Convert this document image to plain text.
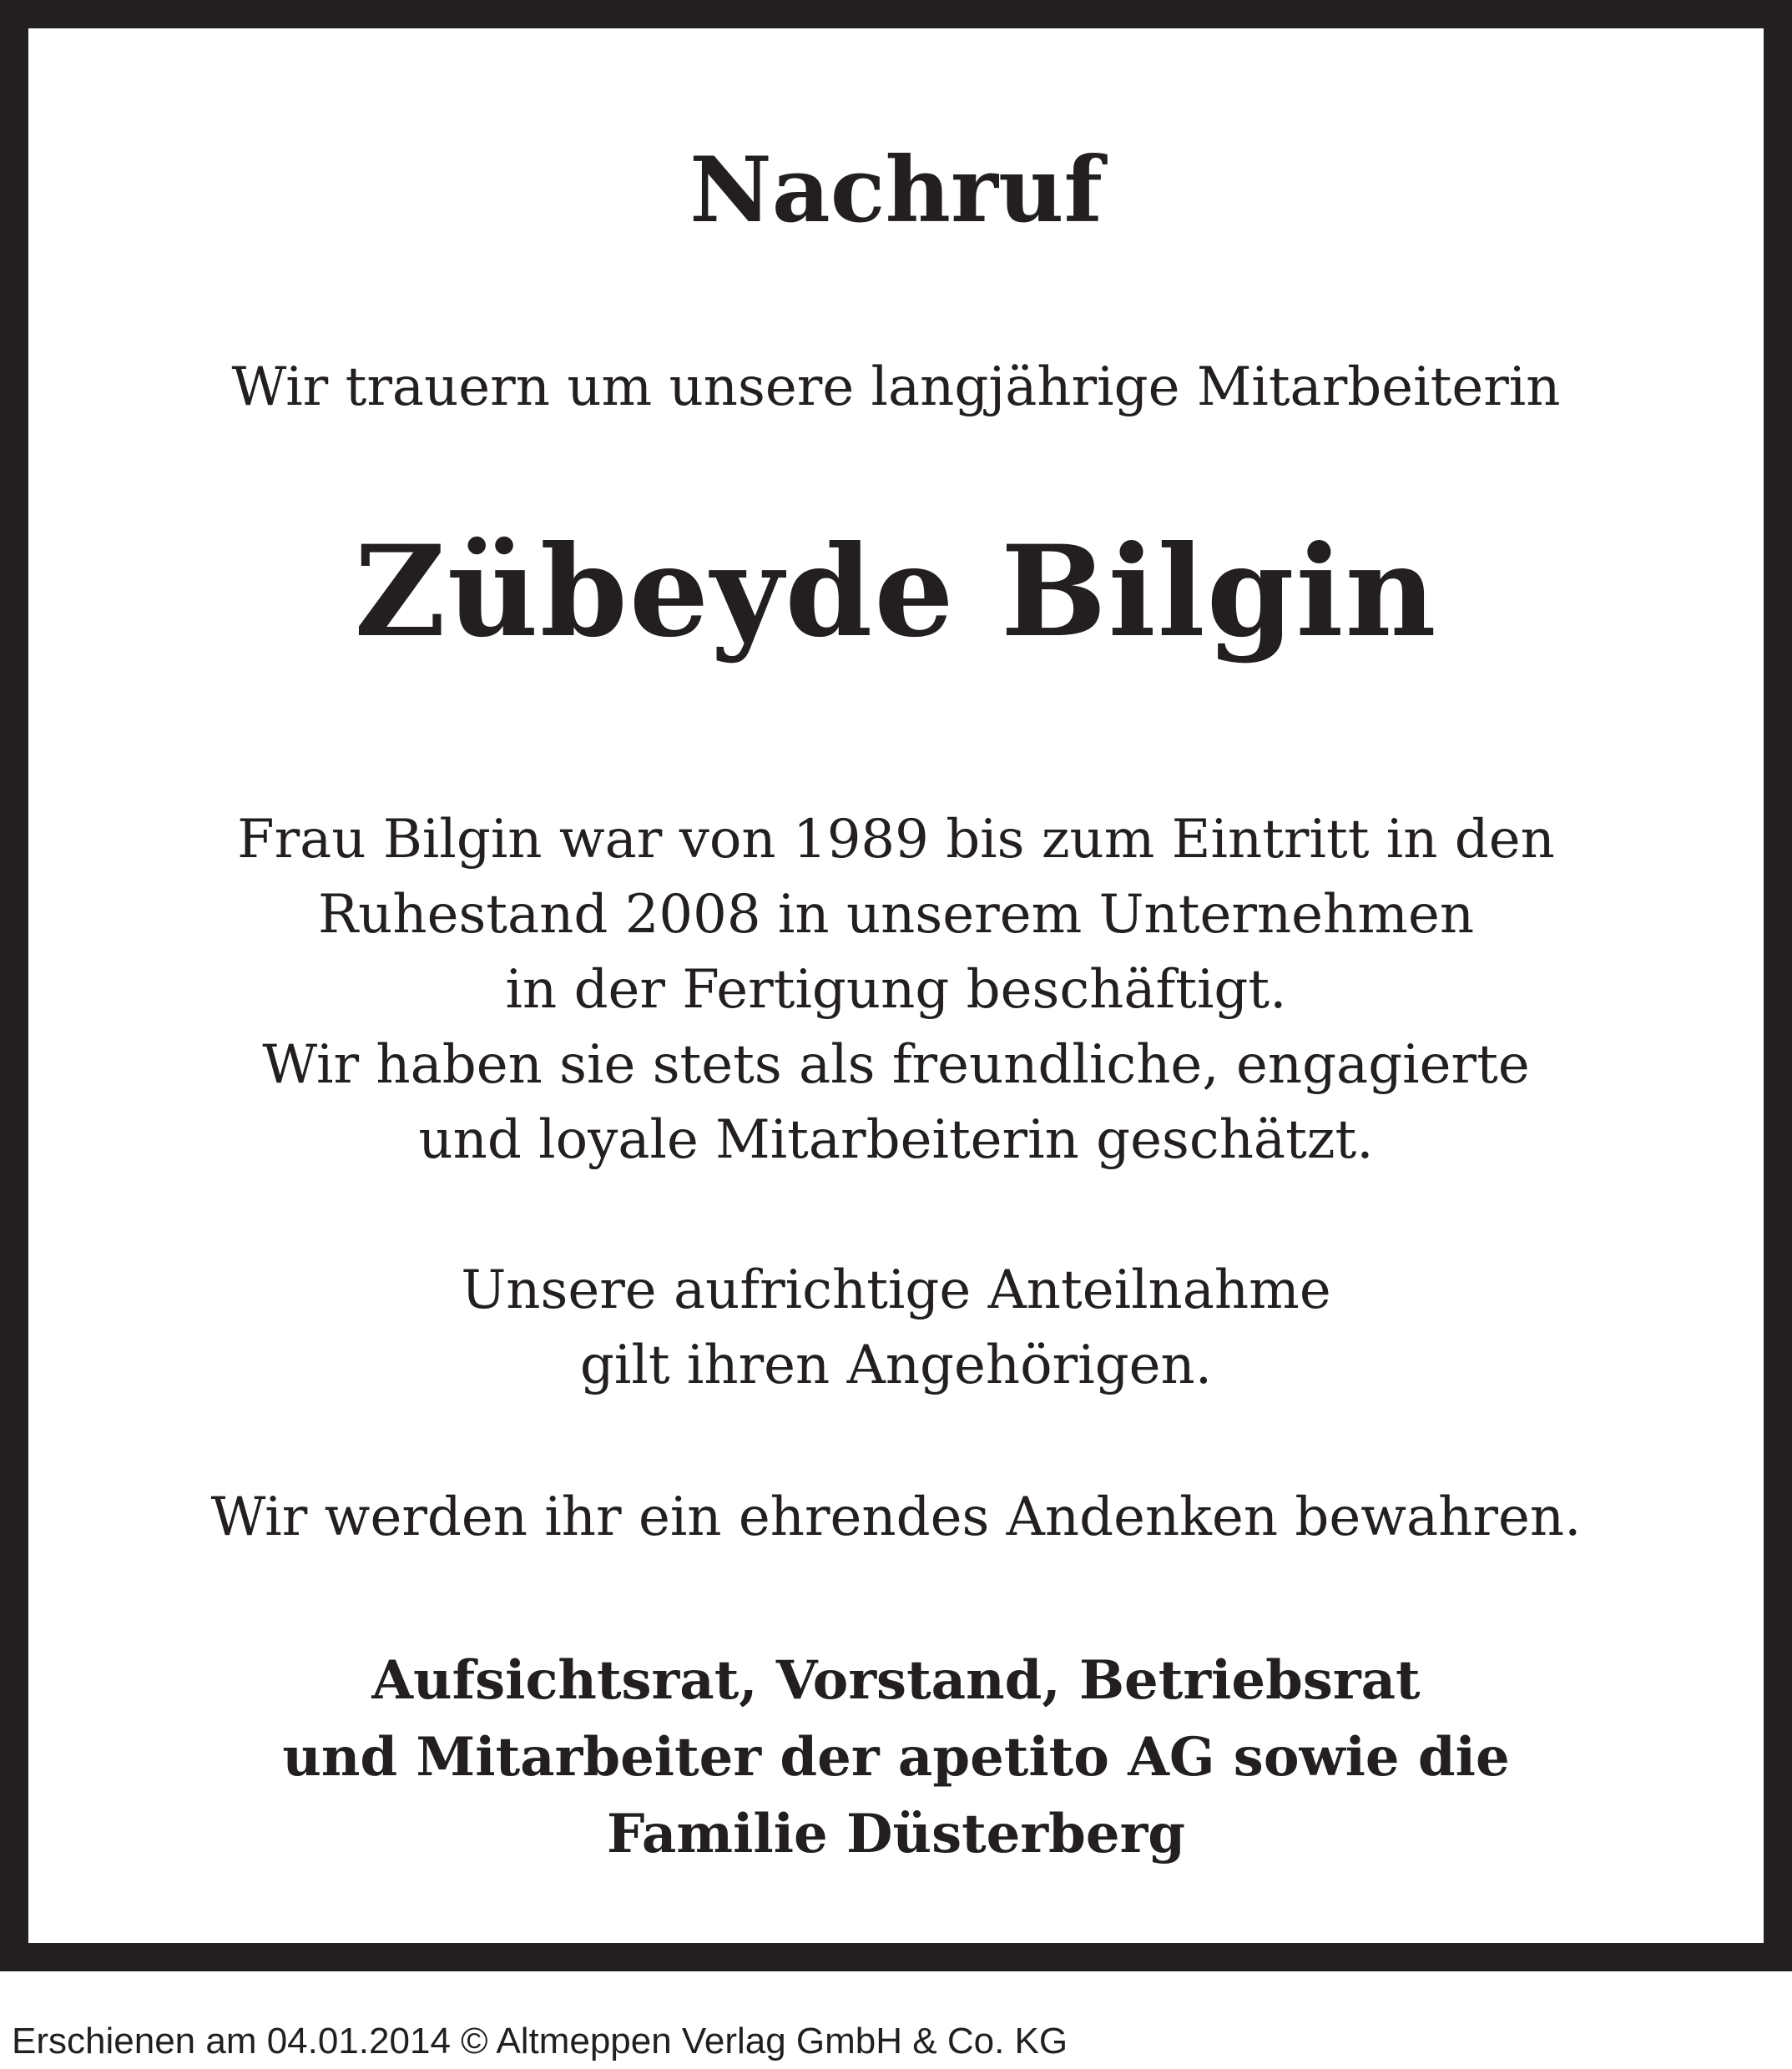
Nachruf

Wir trauern um unsere langjährige Mitarbeiterin

Zübeyde Bilgin

Frau Bilgin war von 1989 bis zum Eintritt in den

Ruhestand 2008 in unserem Unternehmen

in der Fertigung beschäftigt.

Wir haben sie stets als freundliche, engagierte

und loyale Mitarbeiterin geschätzt.

Unsere aufrichtige Anteilnahme

gilt ihren Angehörigen.

Wir werden ihr ein ehrendes Andenken bewahren.

Aufsichtsrat, Vorstand, Betriebsrat

und Mitarbeiter der apetito AG sowie die

Familie Düsterberg

Erschienen am 04.01.2014 © Altmeppen Verlag GmbH & Co. KG
